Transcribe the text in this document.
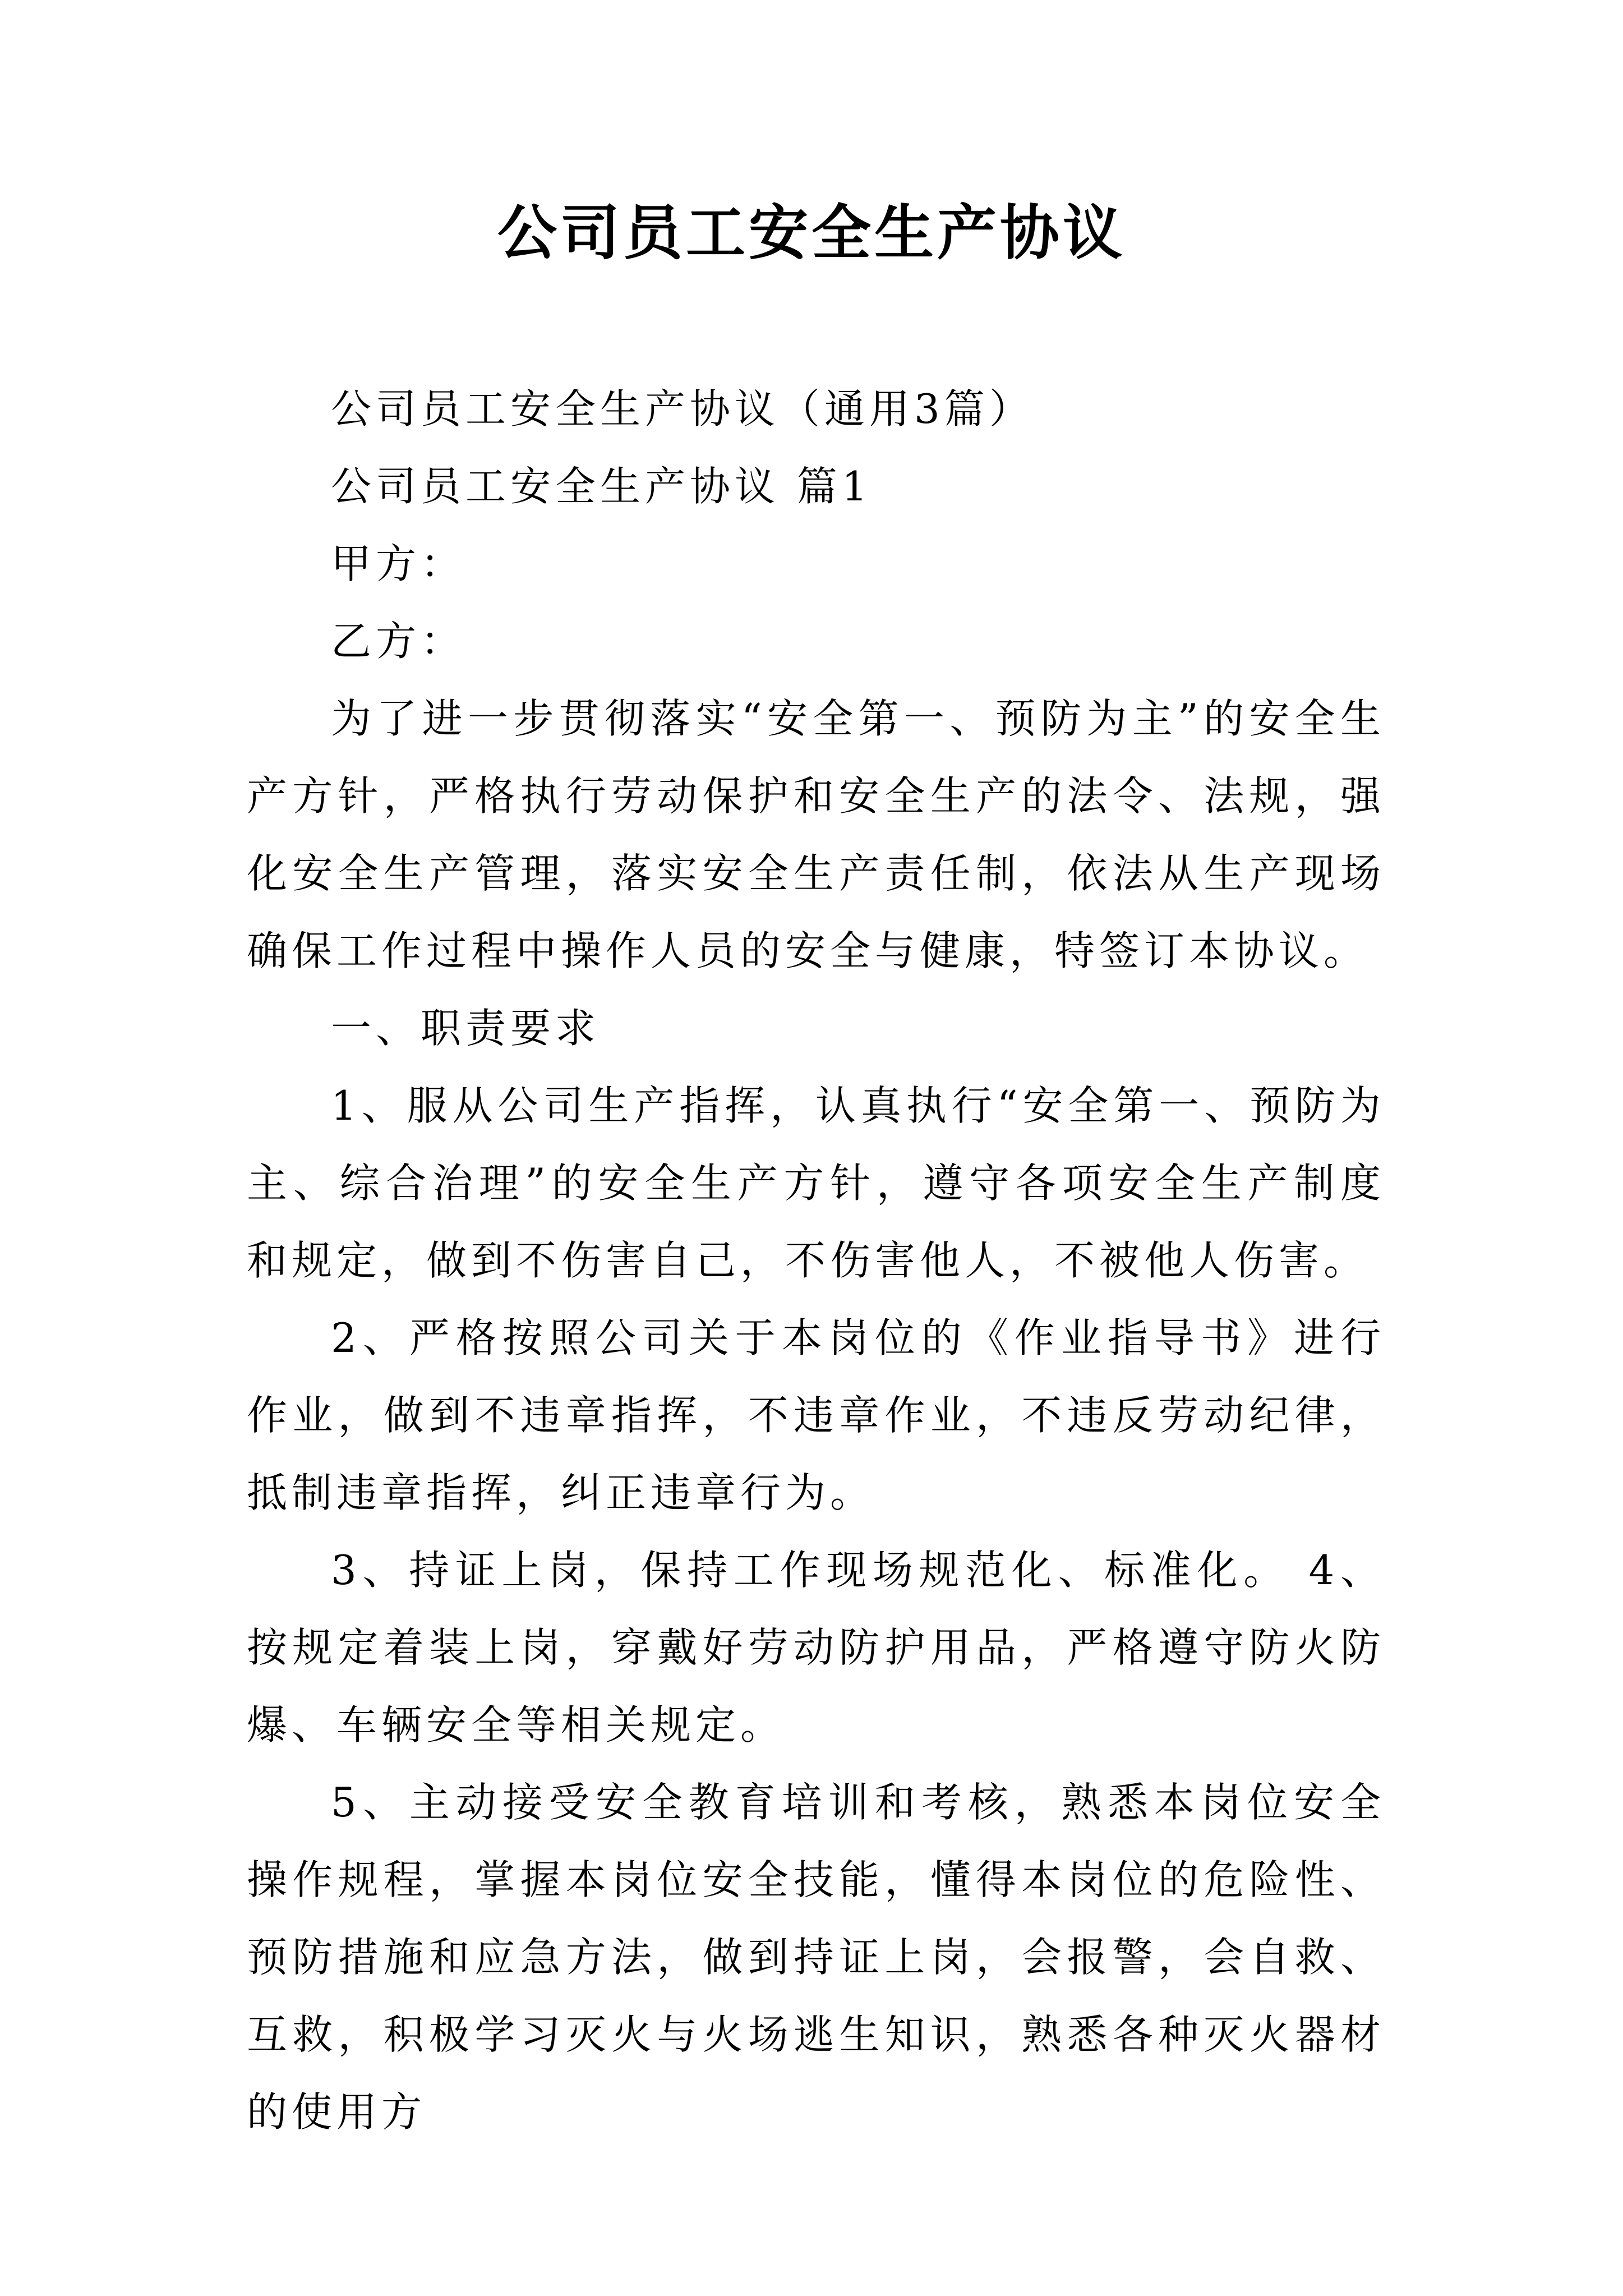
公司员工安全生产协议

公司员工安全生产协议（通用3篇）

公司员工安全生产协议 篇1

甲方：

乙方：

为了进一步贯彻落实“安全第一、预防为主”的安全生产方针，严格执行劳动保护和安全生产的法令、法规，强化安全生产管理，落实安全生产责任制，依法从生产现场确保工作过程中操作人员的安全与健康，特签订本协议。

一、职责要求

1、服从公司生产指挥，认真执行“安全第一、预防为主、综合治理”的安全生产方针，遵守各项安全生产制度和规定，做到不伤害自己，不伤害他人，不被他人伤害。

2、严格按照公司关于本岗位的《作业指导书》进行作业，做到不违章指挥，不违章作业，不违反劳动纪律，抵制违章指挥，纠正违章行为。

3、持证上岗，保持工作现场规范化、标准化。 4、按规定着装上岗，穿戴好劳动防护用品，严格遵守防火防爆、车辆安全等相关规定。

5、主动接受安全教育培训和考核，熟悉本岗位安全操作规程，掌握本岗位安全技能，懂得本岗位的危险性、预防措施和应急方法，做到持证上岗，会报警，会自救、互救，积极学习灭火与火场逃生知识，熟悉各种灭火器材的使用方
